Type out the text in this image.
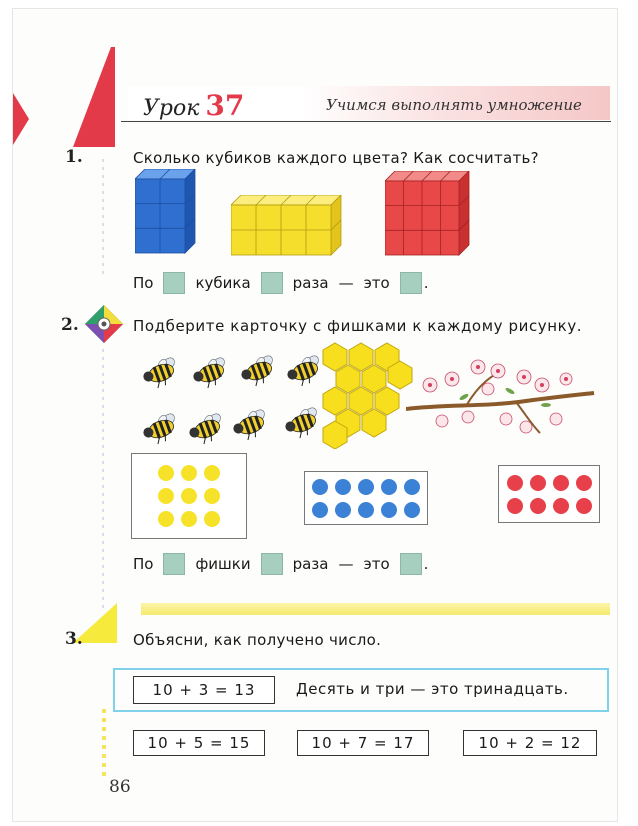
Урок 37	Учимся выполнять умножение
1.	Сколько кубиков каждого цвета? Как сосчитать?
По	кубика	раза — это .
2.	Подберите карточку с фишками к каждому рисунку.
По	фишки	раза — это .
3.	Объясни, как получено число.
10 + 3 = 13	Десять и три — это тринадцать.
10 + 5 = 15	10 + 7 = 17	10 + 2 = 12
86
